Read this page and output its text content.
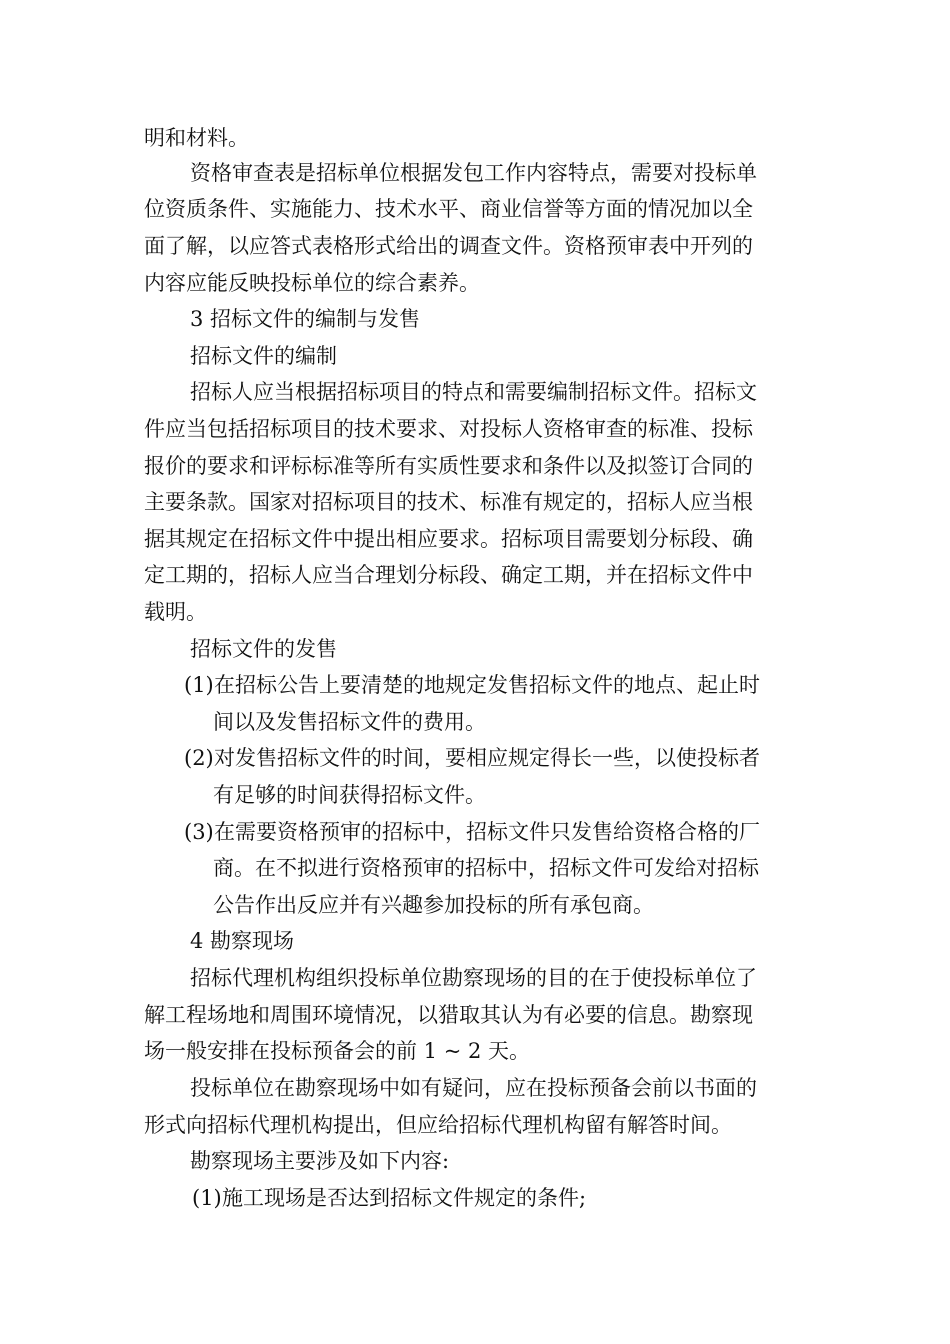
明和材料。
资格审查表是招标单位根据发包工作内容特点，需要对投标单
位资质条件、实施能力、技术水平、商业信誉等方面的情况加以全
面了解，以应答式表格形式给出的调查文件。资格预审表中开列的
内容应能反映投标单位的综合素养。
3 招标文件的编制与发售
招标文件的编制
招标人应当根据招标项目的特点和需要编制招标文件。招标文
件应当包括招标项目的技术要求、对投标人资格审查的标准、投标
报价的要求和评标标准等所有实质性要求和条件以及拟签订合同的
主要条款。国家对招标项目的技术、标准有规定的，招标人应当根
据其规定在招标文件中提出相应要求。招标项目需要划分标段、确
定工期的，招标人应当合理划分标段、确定工期，并在招标文件中
载明。
招标文件的发售
(1) 在招标公告上要清楚的地规定发售招标文件的地点、起止时
间以及发售招标文件的费用。
(2) 对发售招标文件的时间，要相应规定得长一些，以使投标者
有足够的时间获得招标文件。
(3) 在需要资格预审的招标中，招标文件只发售给资格合格的厂
商。在不拟进行资格预审的招标中，招标文件可发给对招标
公告作出反应并有兴趣参加投标的所有承包商。
4 勘察现场
招标代理机构组织投标单位勘察现场的目的在于使投标单位了
解工程场地和周围环境情况，以猎取其认为有必要的信息。勘察现
场一般安排在投标预备会的前 1 ~ 2 天。
投标单位在勘察现场中如有疑问，应在投标预备会前以书面的
形式向招标代理机构提出，但应给招标代理机构留有解答时间。
勘察现场主要涉及如下内容:
(1) 施工现场是否达到招标文件规定的条件;
